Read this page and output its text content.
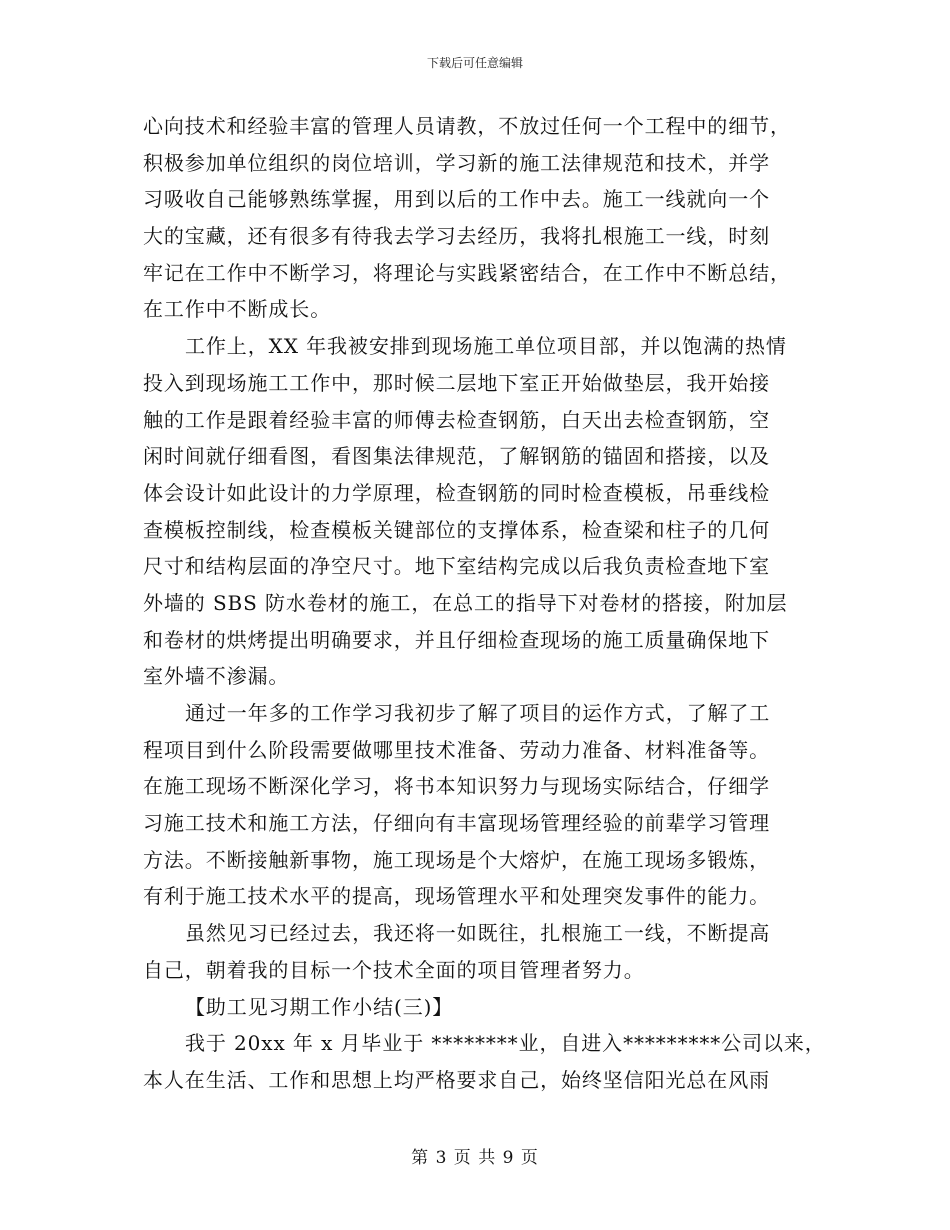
下载后可任意编辑
心向技术和经验丰富的管理人员请教，不放过任何一个工程中的细节，
积极参加单位组织的岗位培训，学习新的施工法律规范和技术，并学
习吸收自己能够熟练掌握，用到以后的工作中去。施工一线就向一个
大的宝藏，还有很多有待我去学习去经历，我将扎根施工一线，时刻
牢记在工作中不断学习，将理论与实践紧密结合，在工作中不断总结，
在工作中不断成长。
工作上，XX 年我被安排到现场施工单位项目部，并以饱满的热情
投入到现场施工工作中，那时候二层地下室正开始做垫层，我开始接
触的工作是跟着经验丰富的师傅去检查钢筋，白天出去检查钢筋，空
闲时间就仔细看图，看图集法律规范，了解钢筋的锚固和搭接，以及
体会设计如此设计的力学原理，检查钢筋的同时检查模板，吊垂线检
查模板控制线，检查模板关键部位的支撑体系，检查梁和柱子的几何
尺寸和结构层面的净空尺寸。地下室结构完成以后我负责检查地下室
外墙的 SBS 防水卷材的施工，在总工的指导下对卷材的搭接，附加层
和卷材的烘烤提出明确要求，并且仔细检查现场的施工质量确保地下
室外墙不渗漏。
通过一年多的工作学习我初步了解了项目的运作方式，了解了工
程项目到什么阶段需要做哪里技术准备、劳动力准备、材料准备等。
在施工现场不断深化学习，将书本知识努力与现场实际结合，仔细学
习施工技术和施工方法，仔细向有丰富现场管理经验的前辈学习管理
方法。不断接触新事物，施工现场是个大熔炉，在施工现场多锻炼，
有利于施工技术水平的提高，现场管理水平和处理突发事件的能力。
虽然见习已经过去，我还将一如既往，扎根施工一线，不断提高
自己，朝着我的目标一个技术全面的项目管理者努力。
【助工见习期工作小结(三)】
我于 20xx 年 x 月毕业于 ********业，自进入*********公司以来，
本人在生活、工作和思想上均严格要求自己，始终坚信阳光总在风雨
第 3 页 共 9 页
